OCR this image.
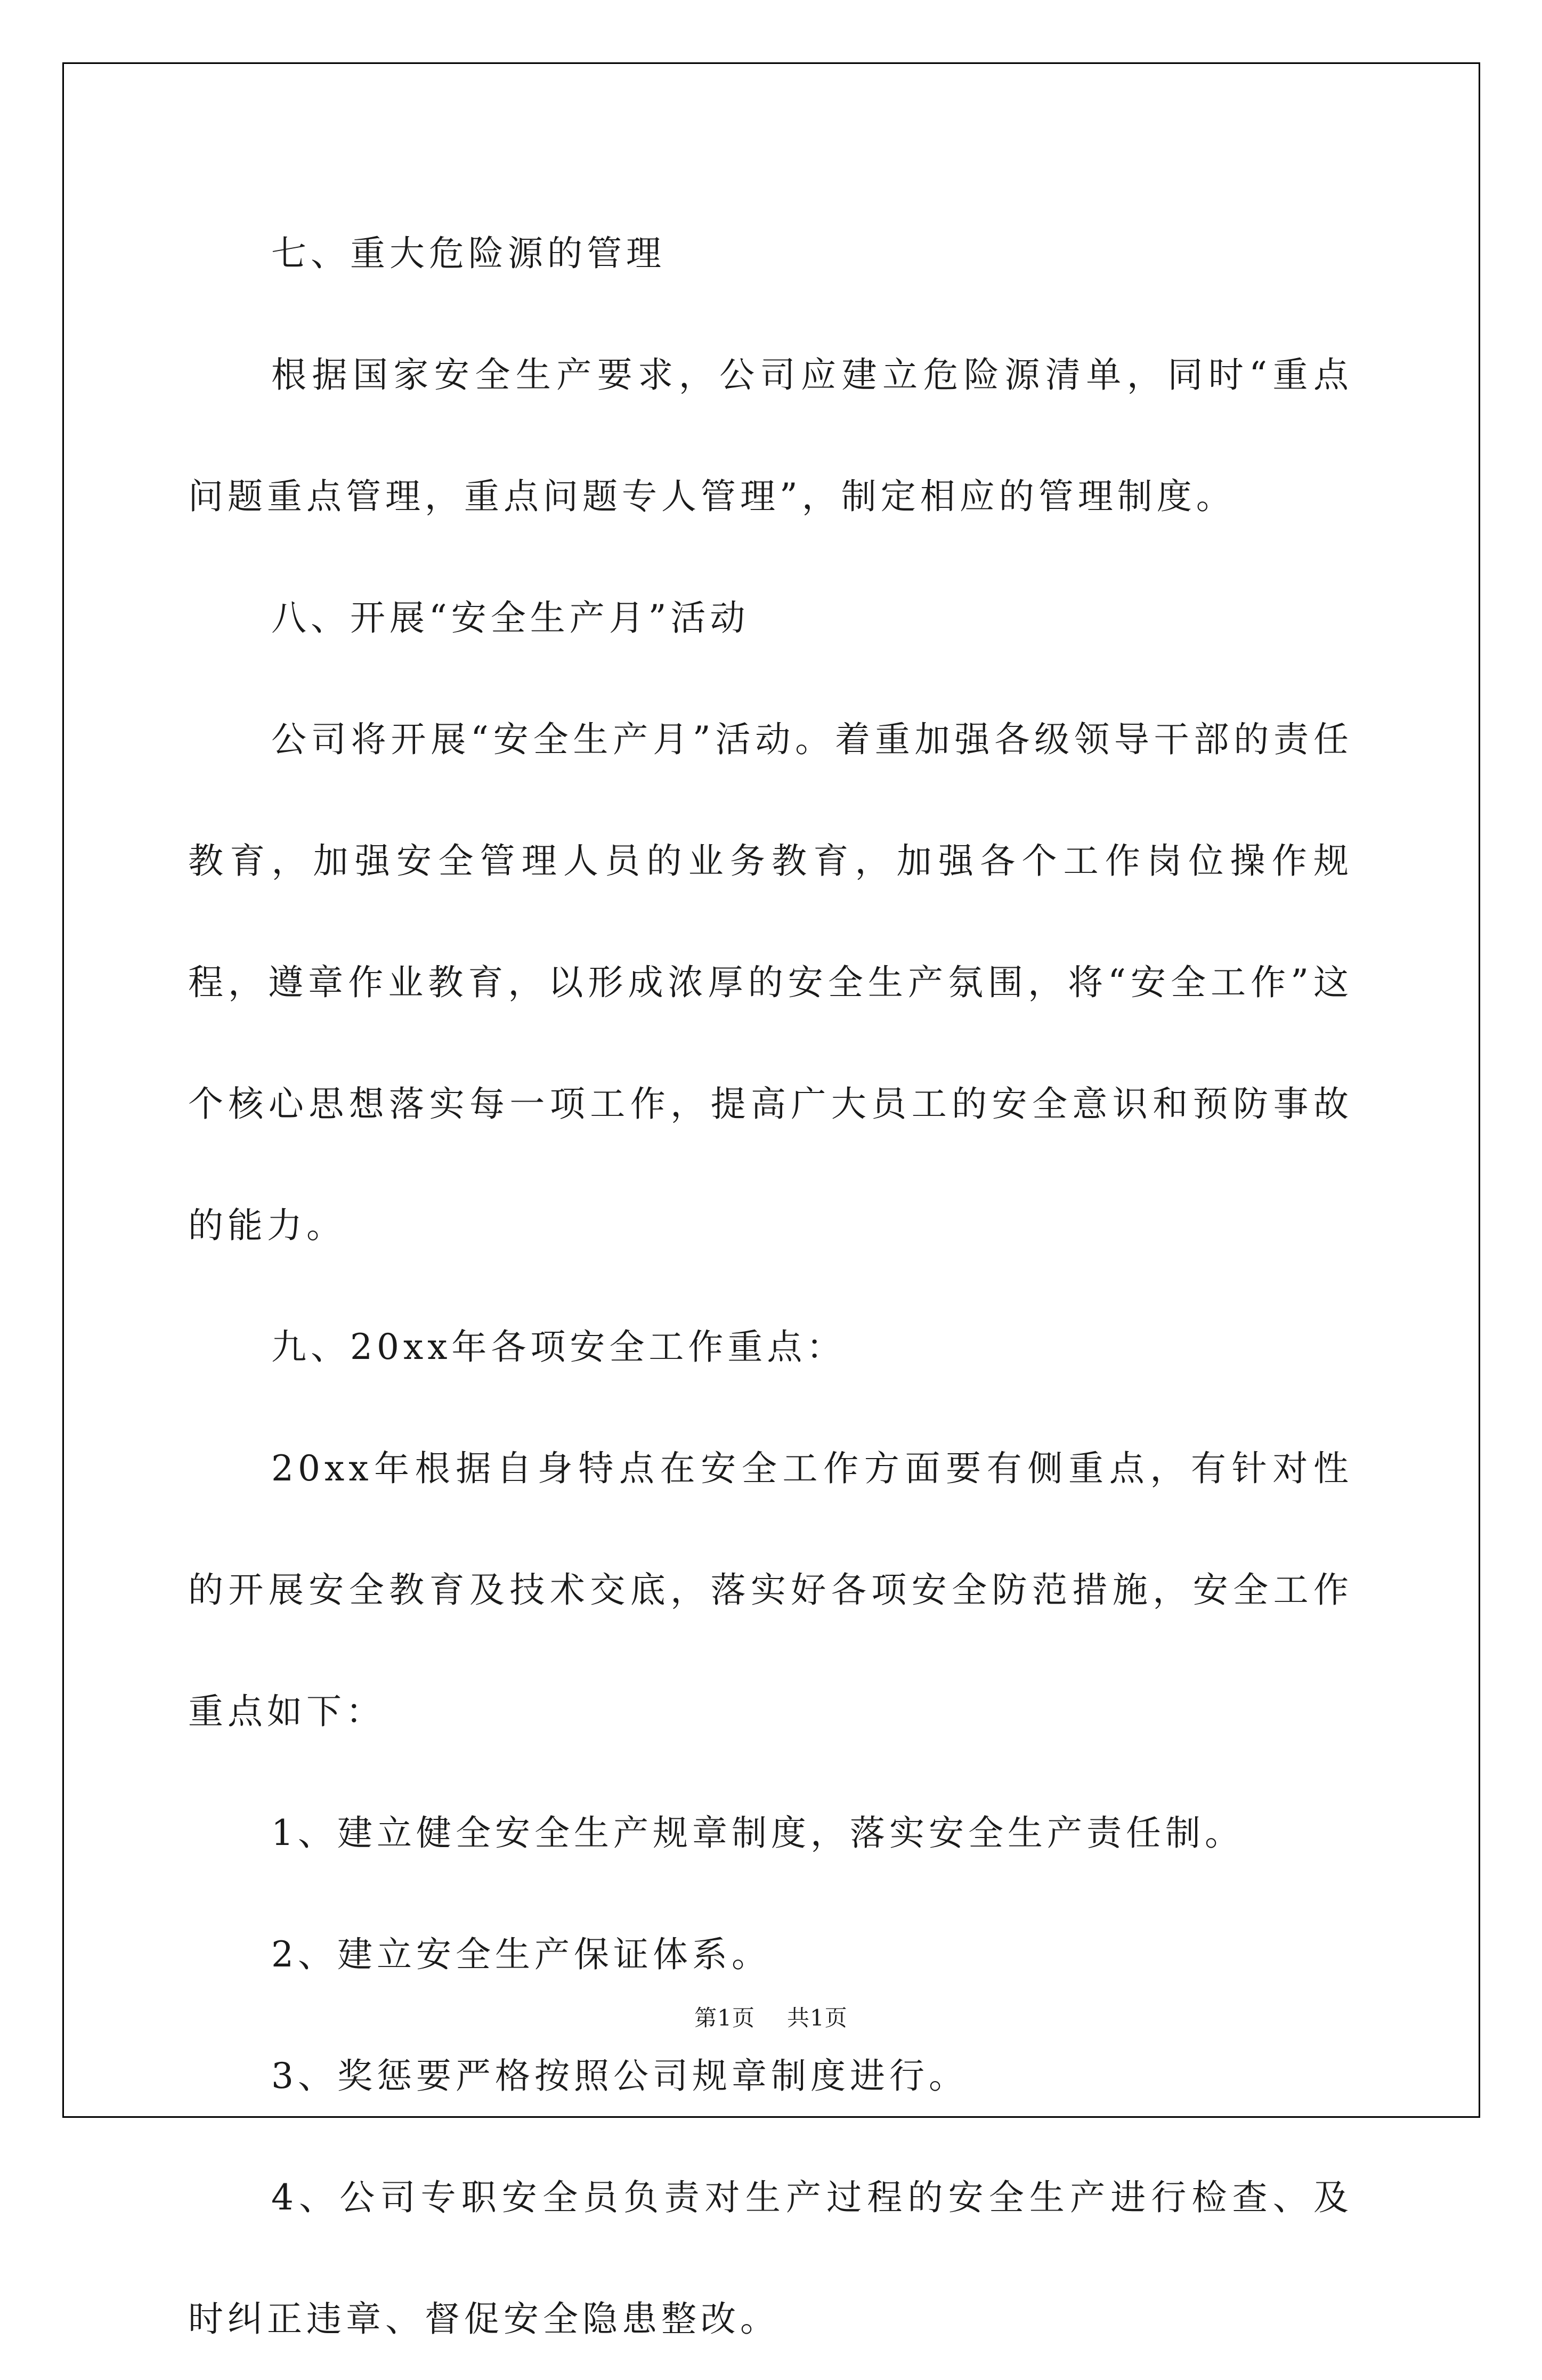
七、重大危险源的管理

根据国家安全生产要求，公司应建立危险源清单，同时“重点问题重点管理，重点问题专人管理”，制定相应的管理制度。

八、开展“安全生产月”活动

公司将开展“安全生产月”活动。着重加强各级领导干部的责任教育，加强安全管理人员的业务教育，加强各个工作岗位操作规程，遵章作业教育，以形成浓厚的安全生产氛围，将“安全工作”这个核心思想落实每一项工作，提高广大员工的安全意识和预防事故的能力。

九、20xx年各项安全工作重点：

20xx年根据自身特点在安全工作方面要有侧重点，有针对性的开展安全教育及技术交底，落实好各项安全防范措施，安全工作重点如下：

1、建立健全安全生产规章制度，落实安全生产责任制。

2、建立安全生产保证体系。

3、奖惩要严格按照公司规章制度进行。

4、公司专职安全员负责对生产过程的安全生产进行检查、及时纠正违章、督促安全隐患整改。

第1页 共1页
